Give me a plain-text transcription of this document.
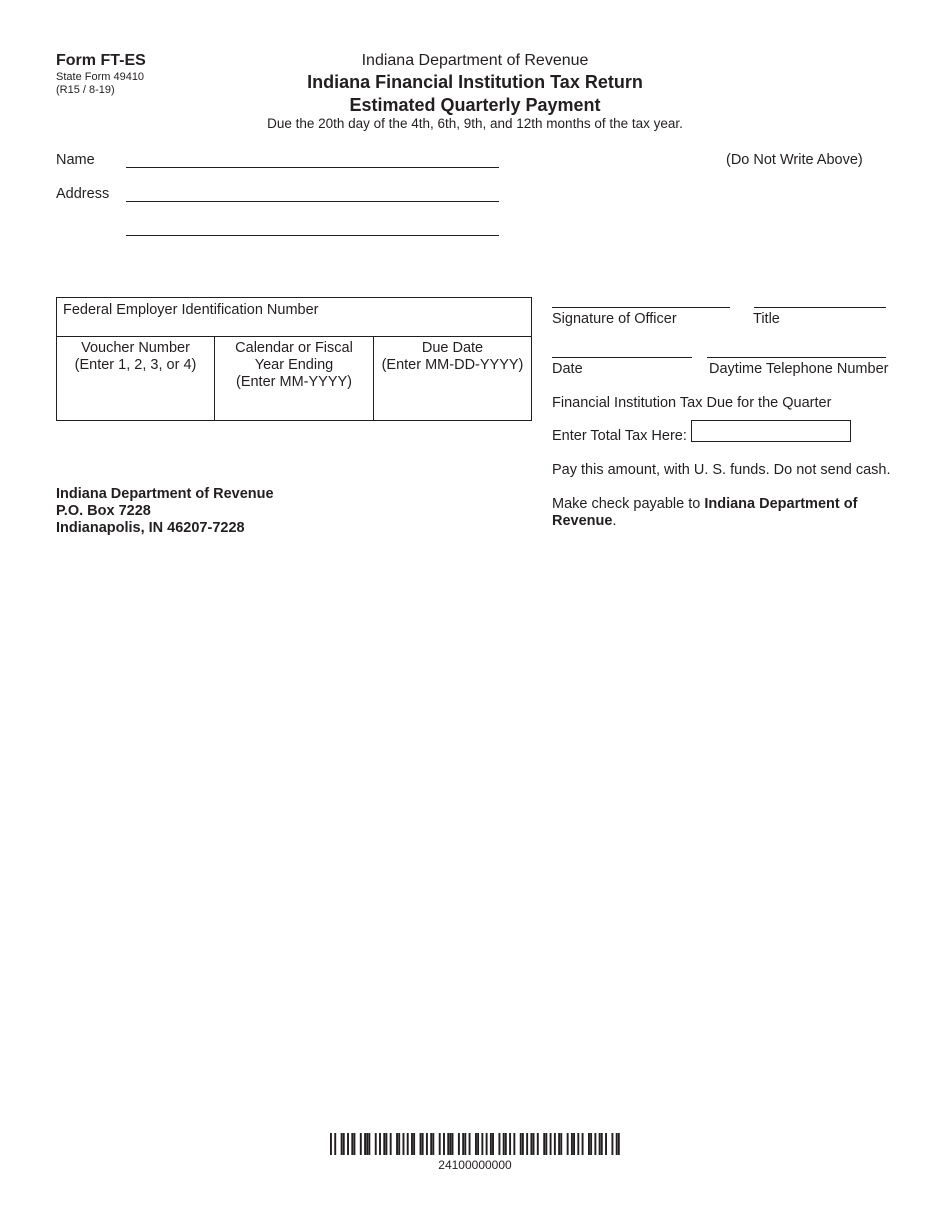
Form FT-ES
State Form 49410
(R15 / 8-19)
Indiana Department of Revenue
Indiana Financial Institution Tax Return
Estimated Quarterly Payment
Due the 20th day of the 4th, 6th, 9th, and 12th months of the tax year.
Name
Address
(Do Not Write Above)
Federal Employer Identification Number
Voucher Number
(Enter 1, 2, 3, or 4)
Calendar or Fiscal
Year Ending
(Enter MM-YYYY)
Due Date
(Enter MM-DD-YYYY)
Signature of Officer	Title
Date	Daytime Telephone Number
Financial Institution Tax Due for the Quarter
Enter Total Tax Here:
Pay this amount, with U. S. funds. Do not send cash.
Make check payable to Indiana Department of
Revenue.
Indiana Department of Revenue
P.O. Box 7228
Indianapolis, IN 46207-7228
24100000000
